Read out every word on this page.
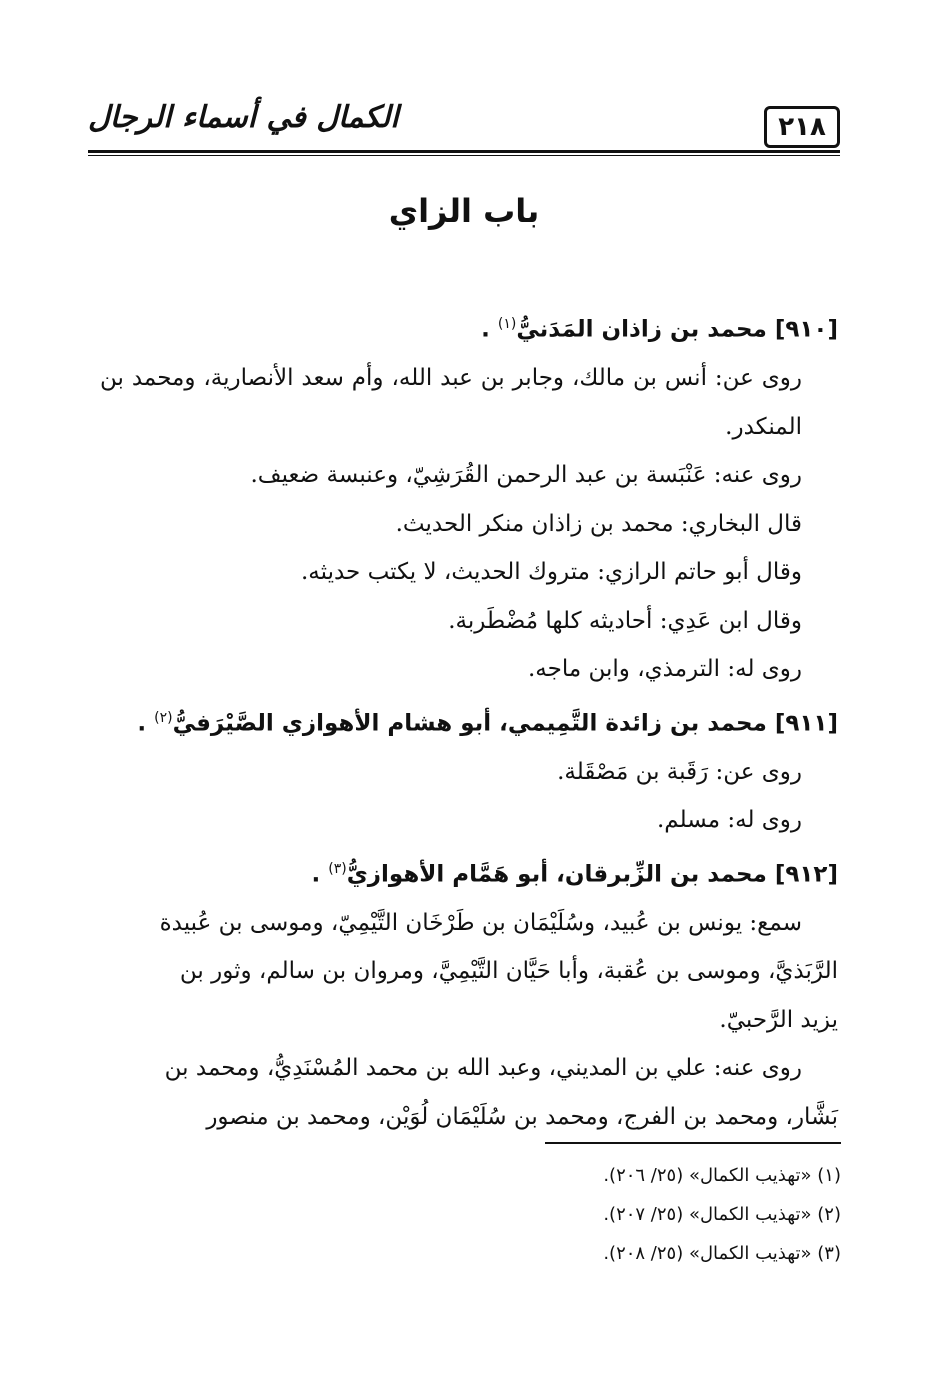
٢١٨
الكمال في أسماء الرجال
باب الزاي
[٩١٠] محمد بن زاذان المَدَنيُّ$^{(١)}$ .
روى عن: أنس بن مالك، وجابر بن عبد الله، وأم سعد الأنصارية، ومحمد بن المنكدر.
روى عنه: عَنْبَسة بن عبد الرحمن القُرَشِيّ، وعنبسة ضعيف.
قال البخاري: محمد بن زاذان منكر الحديث.
وقال أبو حاتم الرازي: متروك الحديث، لا يكتب حديثه.
وقال ابن عَدِي: أحاديثه كلها مُضْطَربة.
روى له: الترمذي، وابن ماجه.
[٩١١] محمد بن زائدة التَّمِيمي، أبو هشام الأهوازي الصَّيْرَفيُّ$^{(٢)}$ .
روى عن: رَقَبة بن مَصْقَلة.
روى له: مسلم.
[٩١٢] محمد بن الزِّبرقان، أبو هَمَّام الأهوازيُّ$^{(٣)}$ .
سمع: يونس بن عُبيد، وسُلَيْمَان بن طَرْخَان التَّيْمِيّ، وموسى بن عُبيدة
الرَّبَذيَّ، وموسى بن عُقبة، وأبا حَيَّان التَّيْمِيَّ، ومروان بن سالم، وثور بن
يزيد الرَّحبيّ.
روى عنه: علي بن المديني، وعبد الله بن محمد المُسْنَدِيُّ، ومحمد بن
بَشَّار، ومحمد بن الفرج، ومحمد بن سُلَيْمَان لُوَيْن، ومحمد بن منصور
(١) «تهذيب الكمال» (٢٥/ ٢٠٦).
(٢) «تهذيب الكمال» (٢٥/ ٢٠٧).
(٣) «تهذيب الكمال» (٢٥/ ٢٠٨).
